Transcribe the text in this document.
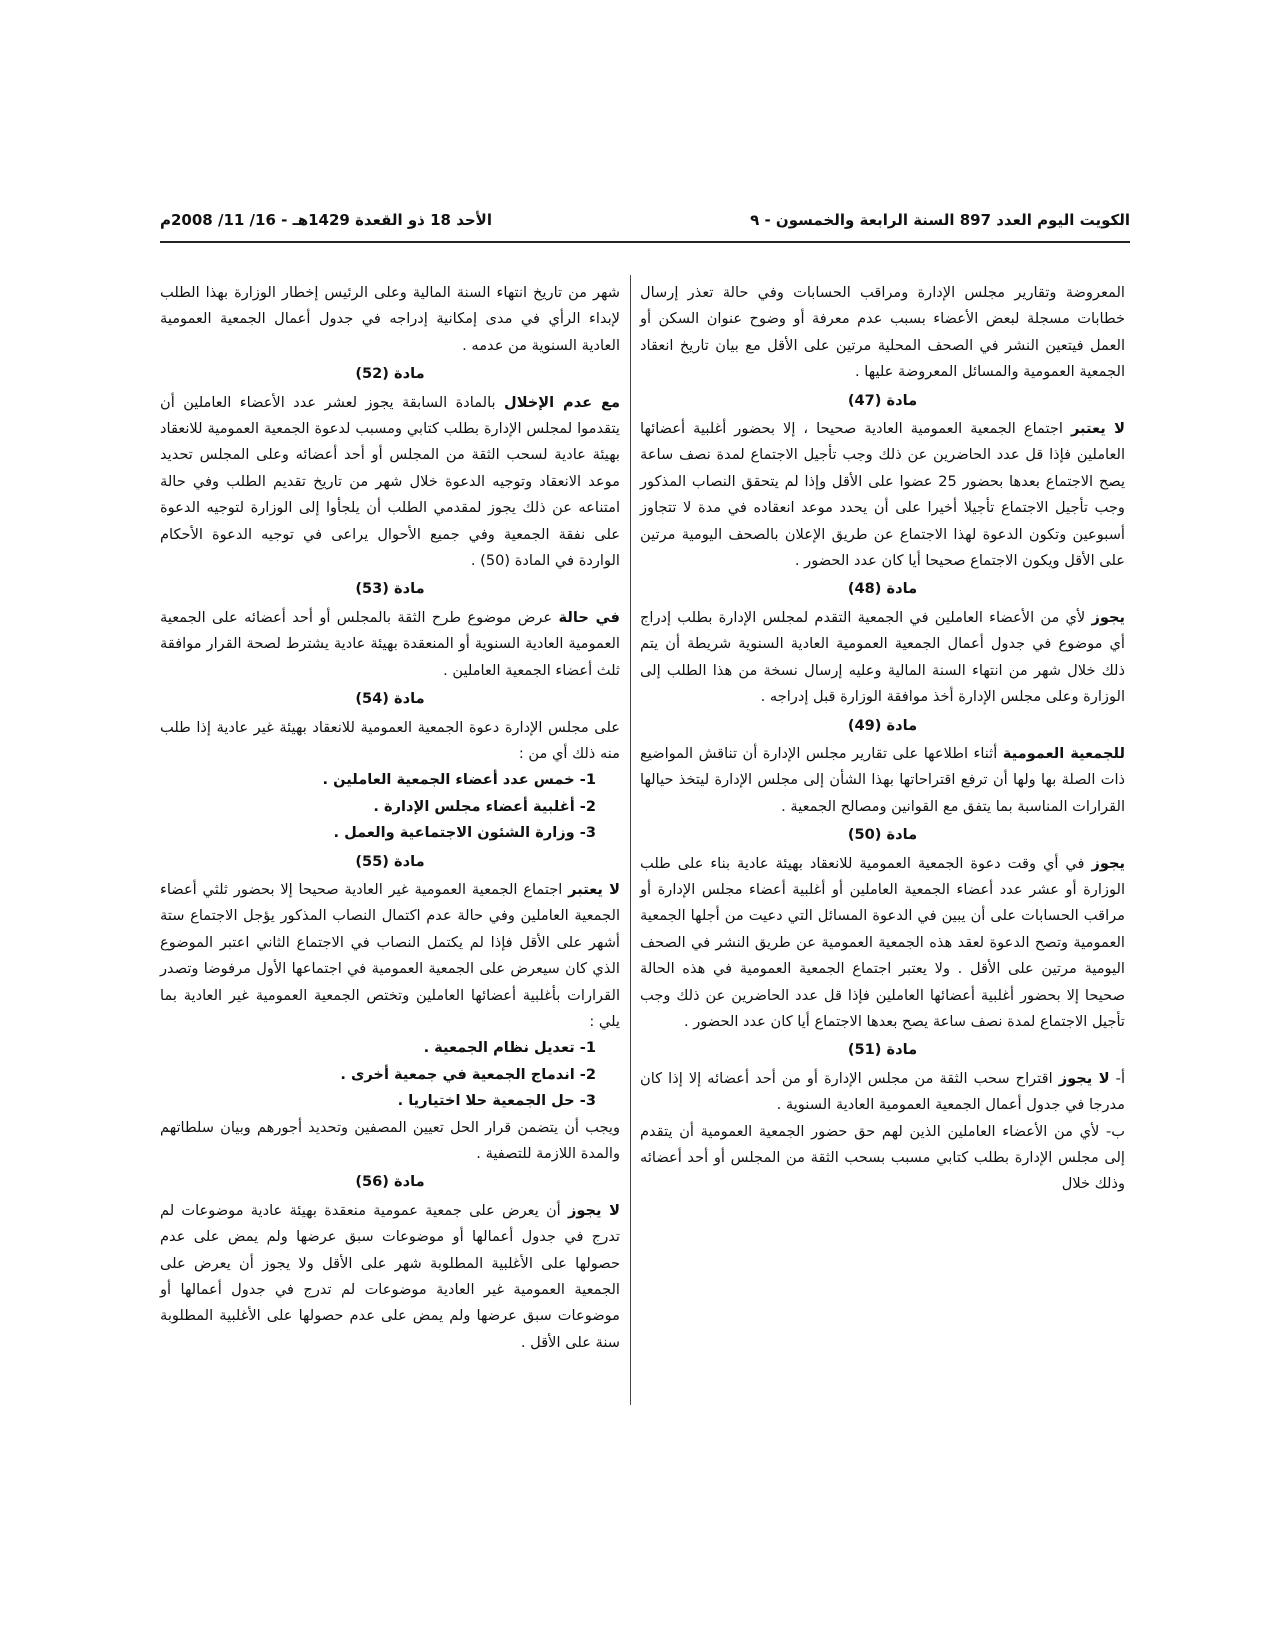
الكويت اليوم العدد 897 السنة الرابعة والخمسون - ٩
الأحد 18 ذو القعدة 1429هـ - 16/ 11/ 2008م

المعروضة وتقارير مجلس الإدارة ومراقب الحسابات وفي حالة تعذر إرسال خطابات مسجلة لبعض الأعضاء بسبب عدم معرفة أو وضوح عنوان السكن أو العمل فيتعين النشر في الصحف المحلية مرتين على الأقل مع بيان تاريخ انعقاد الجمعية العمومية والمسائل المعروضة عليها .

مادة (47)

لا يعتبر اجتماع الجمعية العمومية العادية صحيحا ، إلا بحضور أغلبية أعضائها العاملين فإذا قل عدد الحاضرين عن ذلك وجب تأجيل الاجتماع لمدة نصف ساعة يصح الاجتماع بعدها بحضور 25 عضوا على الأقل وإذا لم يتحقق النصاب المذكور وجب تأجيل الاجتماع تأجيلا أخيرا على أن يحدد موعد انعقاده في مدة لا تتجاوز أسبوعين وتكون الدعوة لهذا الاجتماع عن طريق الإعلان بالصحف اليومية مرتين على الأقل ويكون الاجتماع صحيحا أيا كان عدد الحضور .

مادة (48)

يجوز لأي من الأعضاء العاملين في الجمعية التقدم لمجلس الإدارة بطلب إدراج أي موضوع في جدول أعمال الجمعية العمومية العادية السنوية شريطة أن يتم ذلك خلال شهر من انتهاء السنة المالية وعليه إرسال نسخة من هذا الطلب إلى الوزارة وعلى مجلس الإدارة أخذ موافقة الوزارة قبل إدراجه .

مادة (49)

للجمعية العمومية أثناء اطلاعها على تقارير مجلس الإدارة أن تناقش المواضيع ذات الصلة بها ولها أن ترفع اقتراحاتها بهذا الشأن إلى مجلس الإدارة ليتخذ حيالها القرارات المناسبة بما يتفق مع القوانين ومصالح الجمعية .

مادة (50)

يجوز في أي وقت دعوة الجمعية العمومية للانعقاد بهيئة عادية بناء على طلب الوزارة أو عشر عدد أعضاء الجمعية العاملين أو أغلبية أعضاء مجلس الإدارة أو مراقب الحسابات على أن يبين في الدعوة المسائل التي دعيت من أجلها الجمعية العمومية وتصح الدعوة لعقد هذه الجمعية العمومية عن طريق النشر في الصحف اليومية مرتين على الأقل . ولا يعتبر اجتماع الجمعية العمومية في هذه الحالة صحيحا إلا بحضور أغلبية أعضائها العاملين فإذا قل عدد الحاضرين عن ذلك وجب تأجيل الاجتماع لمدة نصف ساعة يصح بعدها الاجتماع أيا كان عدد الحضور .

مادة (51)

أ- لا يجوز اقتراح سحب الثقة من مجلس الإدارة أو من أحد أعضائه إلا إذا كان مدرجا في جدول أعمال الجمعية العمومية العادية السنوية .

ب- لأي من الأعضاء العاملين الذين لهم حق حضور الجمعية العمومية أن يتقدم إلى مجلس الإدارة بطلب كتابي مسبب بسحب الثقة من المجلس أو أحد أعضائه وذلك خلال

شهر من تاريخ انتهاء السنة المالية وعلى الرئيس إخطار الوزارة بهذا الطلب لإبداء الرأي في مدى إمكانية إدراجه في جدول أعمال الجمعية العمومية العادية السنوية من عدمه .

مادة (52)

مع عدم الإخلال بالمادة السابقة يجوز لعشر عدد الأعضاء العاملين أن يتقدموا لمجلس الإدارة بطلب كتابي ومسبب لدعوة الجمعية العمومية للانعقاد بهيئة عادية لسحب الثقة من المجلس أو أحد أعضائه وعلى المجلس تحديد موعد الانعقاد وتوجيه الدعوة خلال شهر من تاريخ تقديم الطلب وفي حالة امتناعه عن ذلك يجوز لمقدمي الطلب أن يلجأوا إلى الوزارة لتوجيه الدعوة على نفقة الجمعية وفي جميع الأحوال يراعى في توجيه الدعوة الأحكام الواردة في المادة (50) .

مادة (53)

في حالة عرض موضوع طرح الثقة بالمجلس أو أحد أعضائه على الجمعية العمومية العادية السنوية أو المنعقدة بهيئة عادية يشترط لصحة القرار موافقة ثلث أعضاء الجمعية العاملين .

مادة (54)

على مجلس الإدارة دعوة الجمعية العمومية للانعقاد بهيئة غير عادية إذا طلب منه ذلك أي من :

1- خمس عدد أعضاء الجمعية العاملين .
2- أغلبية أعضاء مجلس الإدارة .
3- وزارة الشئون الاجتماعية والعمل .
مادة (55)

لا يعتبر اجتماع الجمعية العمومية غير العادية صحيحا إلا بحضور ثلثي أعضاء الجمعية العاملين وفي حالة عدم اكتمال النصاب المذكور يؤجل الاجتماع ستة أشهر على الأقل فإذا لم يكتمل النصاب في الاجتماع الثاني اعتبر الموضوع الذي كان سيعرض على الجمعية العمومية في اجتماعها الأول مرفوضا وتصدر القرارات بأغلبية أعضائها العاملين وتختص الجمعية العمومية غير العادية بما يلي :

1- تعديل نظام الجمعية .
2- اندماج الجمعية في جمعية أخرى .
3- حل الجمعية حلا اختياريا .

ويجب أن يتضمن قرار الحل تعيين المصفين وتحديد أجورهم وبيان سلطاتهم والمدة اللازمة للتصفية .

مادة (56)

لا يجوز أن يعرض على جمعية عمومية منعقدة بهيئة عادية موضوعات لم تدرج في جدول أعمالها أو موضوعات سبق عرضها ولم يمض على عدم حصولها على الأغلبية المطلوبة شهر على الأقل ولا يجوز أن يعرض على الجمعية العمومية غير العادية موضوعات لم تدرج في جدول أعمالها أو موضوعات سبق عرضها ولم يمض على عدم حصولها على الأغلبية المطلوبة سنة على الأقل .
